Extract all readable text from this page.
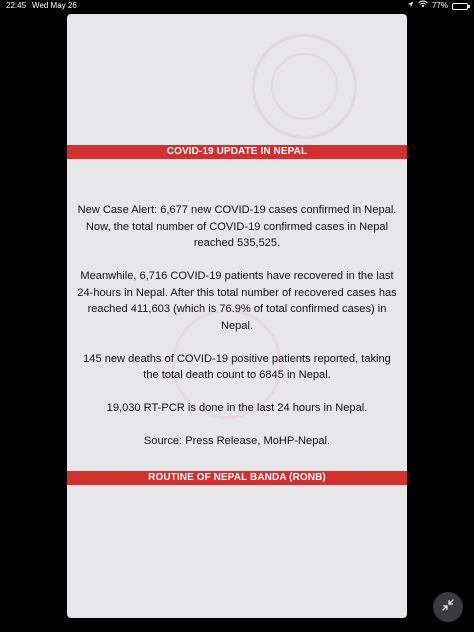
22:45 Wed May 26	77%
COVID-19 UPDATE IN NEPAL

New Case Alert: 6,677 new COVID-19 cases confirmed in Nepal. Now, the total number of COVID-19 confirmed cases in Nepal reached 535,525.

Meanwhile, 6,716 COVID-19 patients have recovered in the last 24-hours in Nepal. After this total number of recovered cases has reached 411,603 (which is 76.9% of total confirmed cases) in Nepal.

145 new deaths of COVID-19 positive patients reported, taking the total death count to 6845 in Nepal.

19,030 RT-PCR is done in the last 24 hours in Nepal.

Source: Press Release, MoHP-Nepal.

ROUTINE OF NEPAL BANDA (RONB)
